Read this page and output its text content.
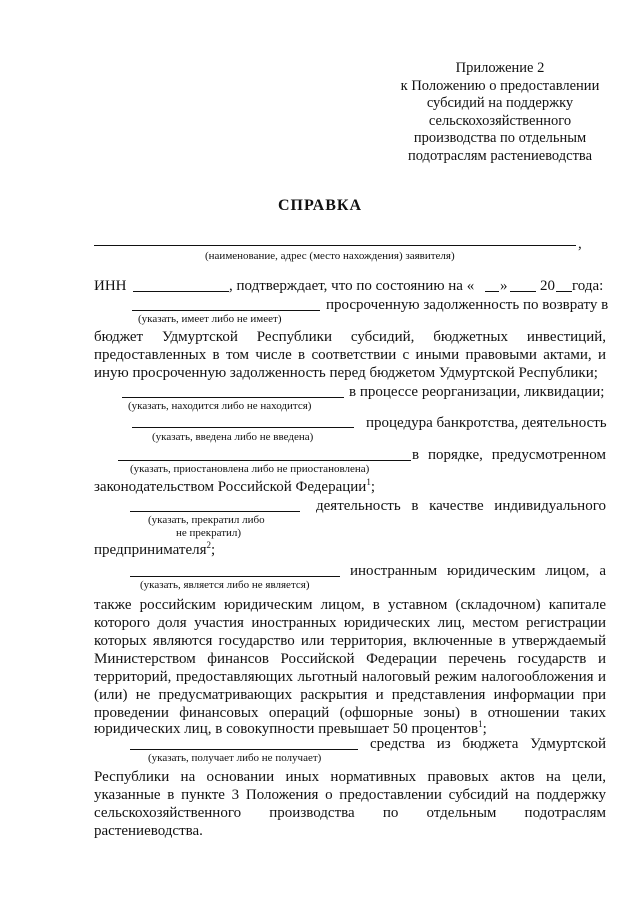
Приложение 2
к Положению о предоставлении
субсидий на поддержку
сельскохозяйственного
производства по отдельным
подотраслям растениеводства
СПРАВКА
,
(наименование, адрес (место нахождения) заявителя)
ИНН	, подтверждает, что по состоянию на « » 20 года:
просроченную задолженность по возврату в
(указать, имеет либо не имеет)
бюджет Удмуртской Республики субсидий, бюджетных инвестиций,
предоставленных в том числе в соответствии с иными правовыми актами, и
иную просроченную задолженность перед бюджетом Удмуртской Республики;
в процессе реорганизации, ликвидации;
(указать, находится либо не находится)
процедура банкротства, деятельность
(указать, введена либо не введена)
в порядке, предусмотренном
(указать, приостановлена либо не приостановлена)
законодательством Российской Федерации$^1$;
деятельность в качестве индивидуального
(указать, прекратил либо
не прекратил)
предпринимателя$^2$;
иностранным юридическим лицом, а
(указать, является либо не является)
также российским юридическим лицом, в уставном (складочном) капитале
которого доля участия иностранных юридических лиц, местом регистрации
которых являются государство или территория, включенные в утверждаемый
Министерством финансов Российской Федерации перечень государств и
территорий, предоставляющих льготный налоговый режим налогообложения и
(или) не предусматривающих раскрытия и представления информации при
проведении финансовых операций (офшорные зоны) в отношении таких
юридических лиц, в совокупности превышает 50 процентов$^1$;
средства из бюджета Удмуртской
(указать, получает либо не получает)
Республики на основании иных нормативных правовых актов на цели,
указанные в пункте 3 Положения о предоставлении субсидий на поддержку
сельскохозяйственного производства по отдельным подотраслям
растениеводства.
